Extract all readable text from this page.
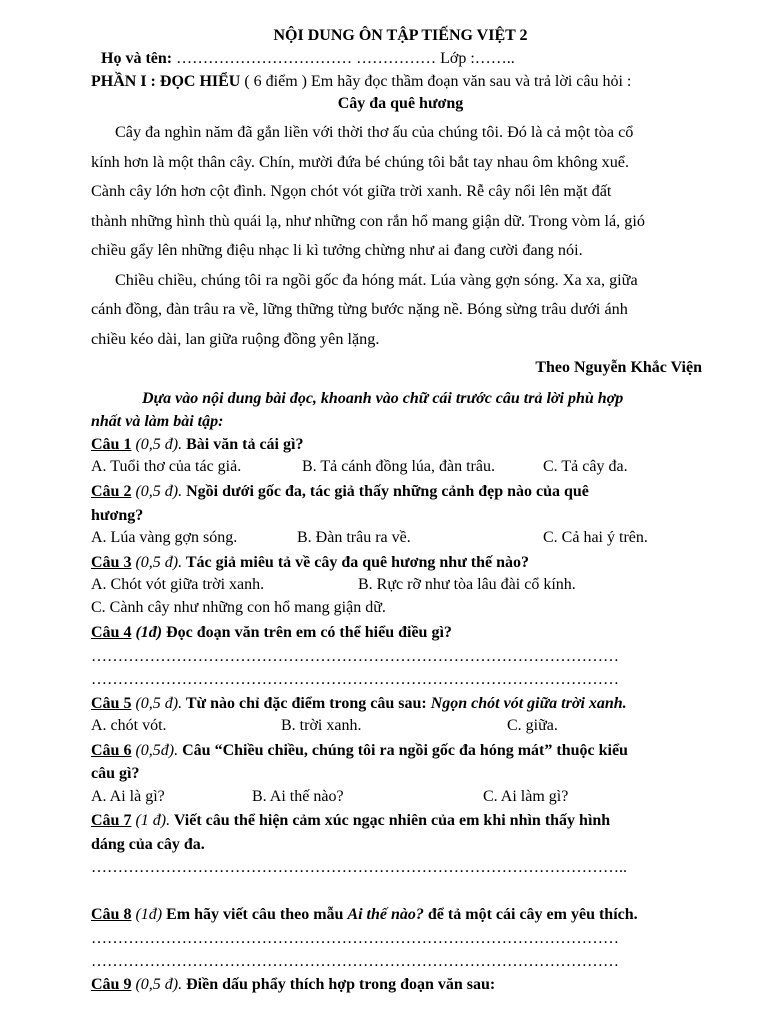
NỘI DUNG ÔN TẬP TIẾNG VIỆT 2
Họ và tên: …………………………… …………… Lớp :……..
PHẦN I : ĐỌC HIỂU ( 6 điểm ) Em hãy đọc thầm đoạn văn sau và trả lời câu hỏi :
Cây đa quê hương

Cây đa nghìn năm đã gắn liền với thời thơ ấu của chúng tôi. Đó là cả một tòa cổ

kính hơn là một thân cây. Chín, mười đứa bé chúng tôi bắt tay nhau ôm không xuể.

Cành cây lớn hơn cột đình. Ngọn chót vót giữa trời xanh. Rễ cây nổi lên mặt đất

thành những hình thù quái lạ, như những con rắn hổ mang giận dữ. Trong vòm lá, gió

chiều gẩy lên những điệu nhạc li kì tưởng chừng như ai đang cười đang nói.

Chiều chiều, chúng tôi ra ngồi gốc đa hóng mát. Lúa vàng gợn sóng. Xa xa, giữa

cánh đồng, đàn trâu ra về, lững thững từng bước nặng nề. Bóng sừng trâu dưới ánh

chiều kéo dài, lan giữa ruộng đồng yên lặng.

Theo Nguyễn Khắc Viện
Dựa vào nội dung bài đọc, khoanh vào chữ cái trước câu trả lời phù hợp
nhất và làm bài tập:
Câu 1 (0,5 đ). Bài văn tả cái gì?
A. Tuổi thơ của tác giả.	B. Tả cánh đồng lúa, đàn trâu.	C. Tả cây đa.
Câu 2 (0,5 đ). Ngồi dưới gốc đa, tác giả thấy những cảnh đẹp nào của quê
hương?
A. Lúa vàng gợn sóng.	B. Đàn trâu ra về.	C. Cả hai ý trên.
Câu 3 (0,5 đ). Tác giả miêu tả về cây đa quê hương như thế nào?
A. Chót vót giữa trời xanh.	B. Rực rỡ như tòa lâu đài cổ kính.
C. Cành cây như những con hổ mang giận dữ.
Câu 4 (1đ) Đọc đoạn văn trên em có thể hiểu điều gì?
………………………………………………………………………………………
………………………………………………………………………………………
Câu 5 (0,5 đ). Từ nào chỉ đặc điểm trong câu sau: Ngọn chót vót giữa trời xanh.
A. chót vót.	B. trời xanh.	C. giữa.
Câu 6 (0,5đ). Câu “Chiều chiều, chúng tôi ra ngồi gốc đa hóng mát” thuộc kiểu
câu gì?
A. Ai là gì?	B. Ai thế nào?	C. Ai làm gì?
Câu 7 (1 đ). Viết câu thể hiện cảm xúc ngạc nhiên của em khi nhìn thấy hình
dáng của cây đa.
………………………………………………………………………………………..
Câu 8 (1đ) Em hãy viết câu theo mẫu Ai thế nào? để tả một cái cây em yêu thích.
………………………………………………………………………………………
………………………………………………………………………………………
Câu 9 (0,5 đ). Điền dấu phẩy thích hợp trong đoạn văn sau:
